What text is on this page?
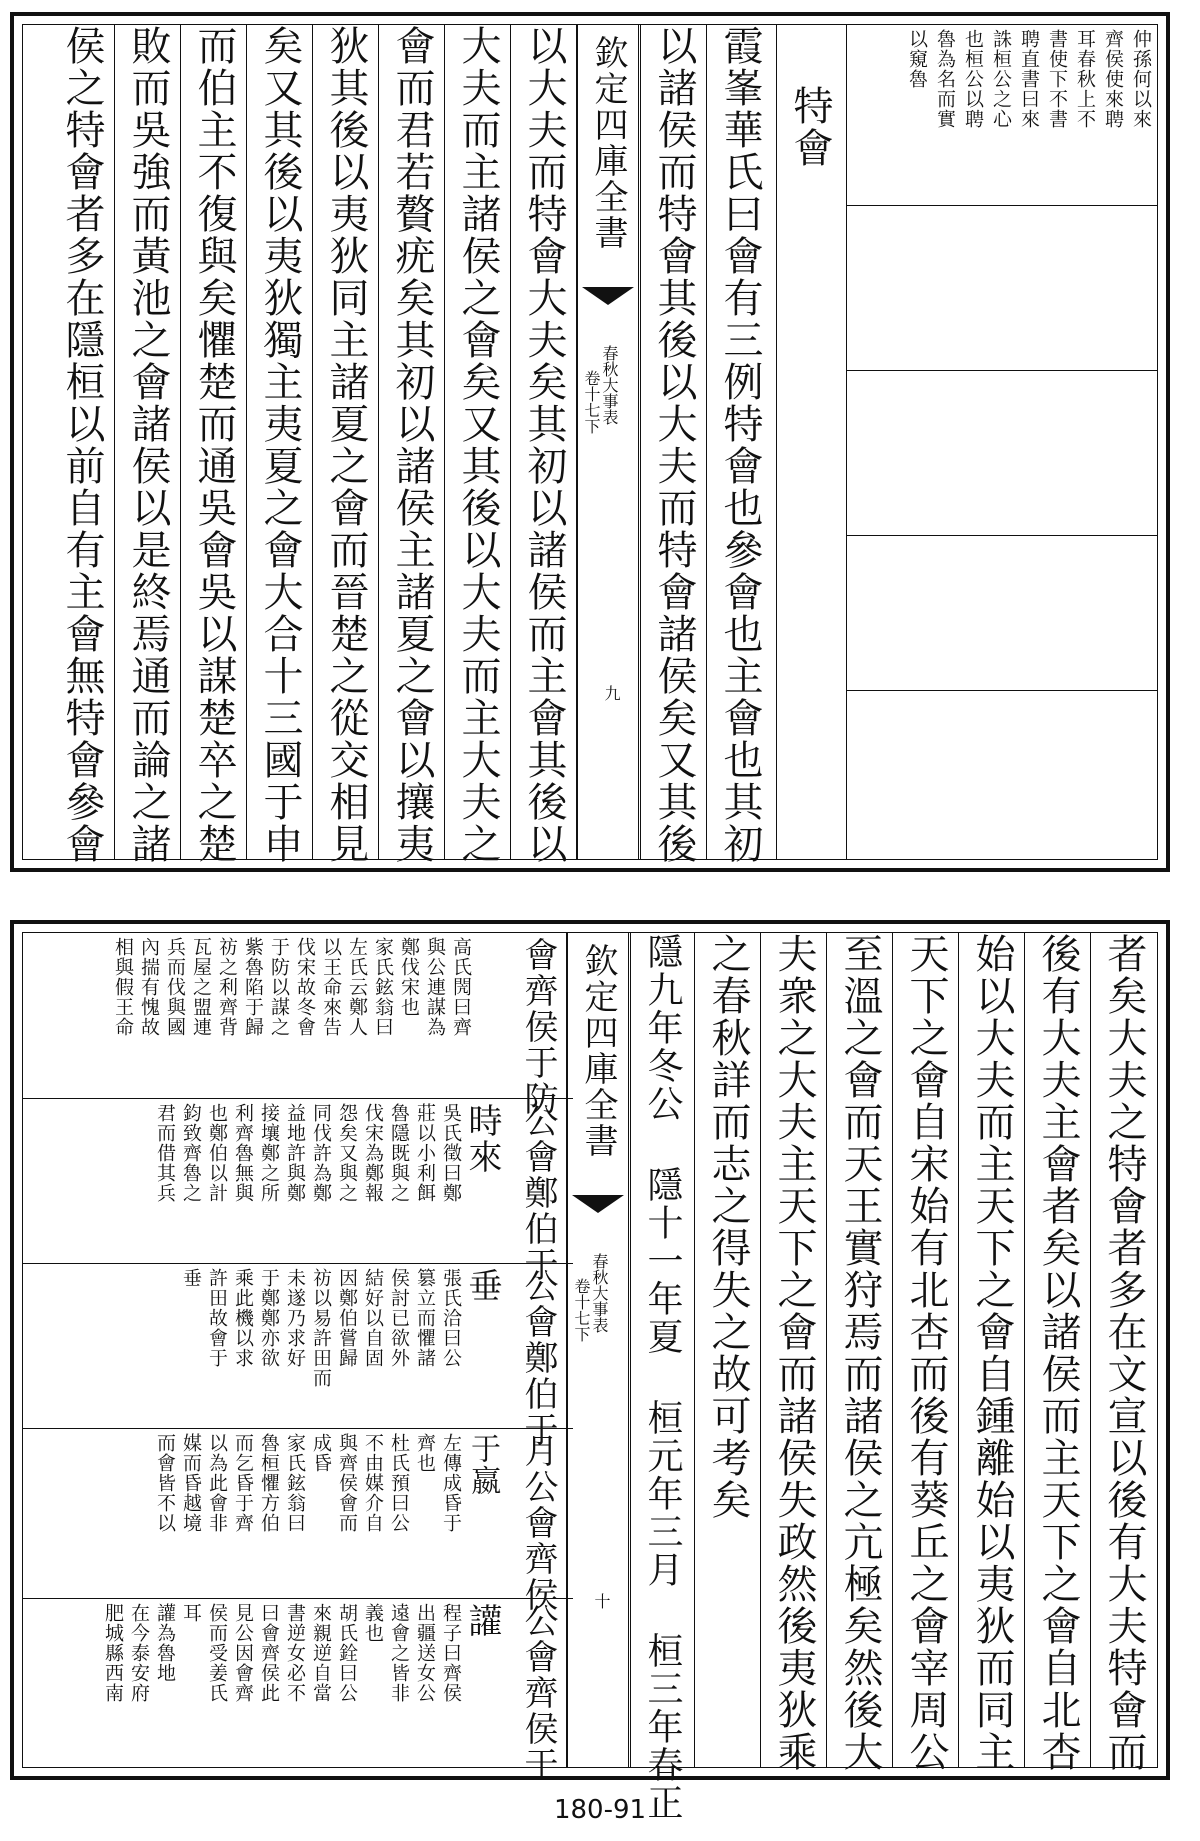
仲孫何以來
齊侯使來聘
耳春秋上不
書使下不書
聘直書曰來
誅桓公之心
也桓公以聘
魯為名而實
以窺魯
特會
霞峯華氏曰會有三例特會也參會也主會也其初
以諸侯而特會其後以大夫而特會諸侯矣又其後
欽定四庫全書
春秋大事表
卷十七下
九
以大夫而特會大夫矣其初以諸侯而主會其後以
大夫而主諸侯之會矣又其後以大夫而主大夫之
會而君若贅疣矣其初以諸侯主諸夏之會以攘夷
狄其後以夷狄同主諸夏之會而晉楚之從交相見
矣又其後以夷狄獨主夷夏之會大合十三國于申
而伯主不復與矣懼楚而通吳會吳以謀楚卒之楚
敗而吳強而黃池之會諸侯以是終焉通而論之諸
侯之特會者多在隱桓以前自有主會無特會參會
者矣大夫之特會者多在文宣以後有大夫特會而
後有大夫主會者矣以諸侯而主天下之會自北杏
始以大夫而主天下之會自鍾離始以夷狄而同主
天下之會自宋始有北杏而後有葵丘之會宰周公
至溫之會而天王實狩焉而諸侯之亢極矣然後大
夫衆之大夫主天下之會而諸侯失政然後夷狄乘
之春秋詳而志之得失之故可考矣
隱九年冬公 隱十一年夏 桓元年三月 桓三年春正
欽定四庫全書
春秋大事表
卷十七下
十
會齊侯于防
高氏閌曰齊
與公連謀為
鄭伐宋也
家氏鉉翁曰
左氏云鄭人
以王命來告
伐宋故冬會
于防以謀之
紫魯陷于歸
祊之利齊背
瓦屋之盟連
兵而伐與國
內揣有愧故
相與假王命
公會鄭伯于
時來
吳氏徵曰鄭
莊以小利餌
魯隱既與之
伐宋為鄭報
怨矣又與之
同伐許為鄭
益地許與鄭
接壤鄭之所
利齊魯無與
也鄭伯以計
鈞致齊魯之
君而借其兵
公會鄭伯于
垂
張氏洽曰公
篡立而懼諸
侯討已欲外
結好以自固
因鄭伯嘗歸
祊以易許田而
未遂乃求好
于鄭鄭亦欲
乘此機以求
許田故會于
垂
月公會齊侯
于嬴
左傳成昏于
齊也
杜氏預曰公
不由媒介自
與齊侯會而
成昏
家氏鉉翁曰
魯桓懼方伯
而乞昏于齊
以為此會非
媒而昏越境
而會皆不以
公會齊侯于
讙
程子曰齊侯
出疆送女公
遠會之皆非
義也
胡氏銓曰公
來親逆自當
書逆女必不
曰會齊侯此
見公因會齊
侯而受姜氏
耳
讙為魯地
在今泰安府
肥城縣西南
180-91
